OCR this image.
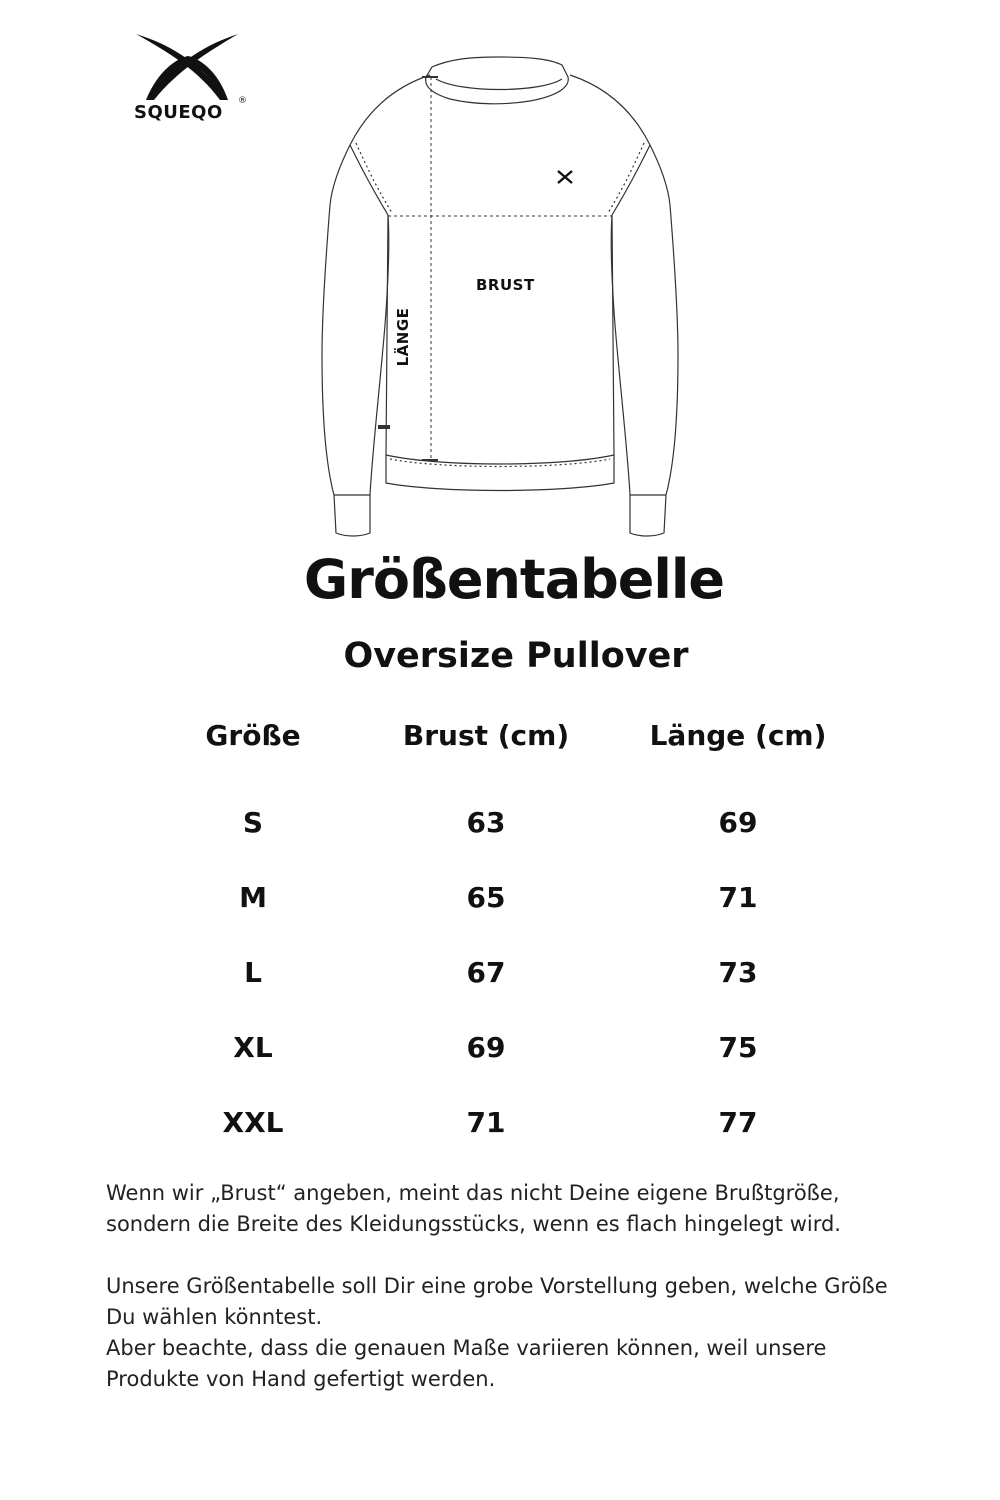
SQUEQO
®
BRUST
LÄNGE
Größentabelle
Oversize Pullover
Größe	Brust (cm)	Länge (cm)
S	63	69
M	65	71
L	67	73
XL	69	75
XXL	71	77

Wenn wir „Brust“ angeben, meint das nicht Deine eigene Brußtgröße, sondern die Breite des Kleidungsstücks, wenn es flach hingelegt wird.

Unsere Größentabelle soll Dir eine grobe Vorstellung geben, welche Größe Du wählen könntest.

Aber beachte, dass die genauen Maße variieren können, weil unsere Produkte von Hand gefertigt werden.
